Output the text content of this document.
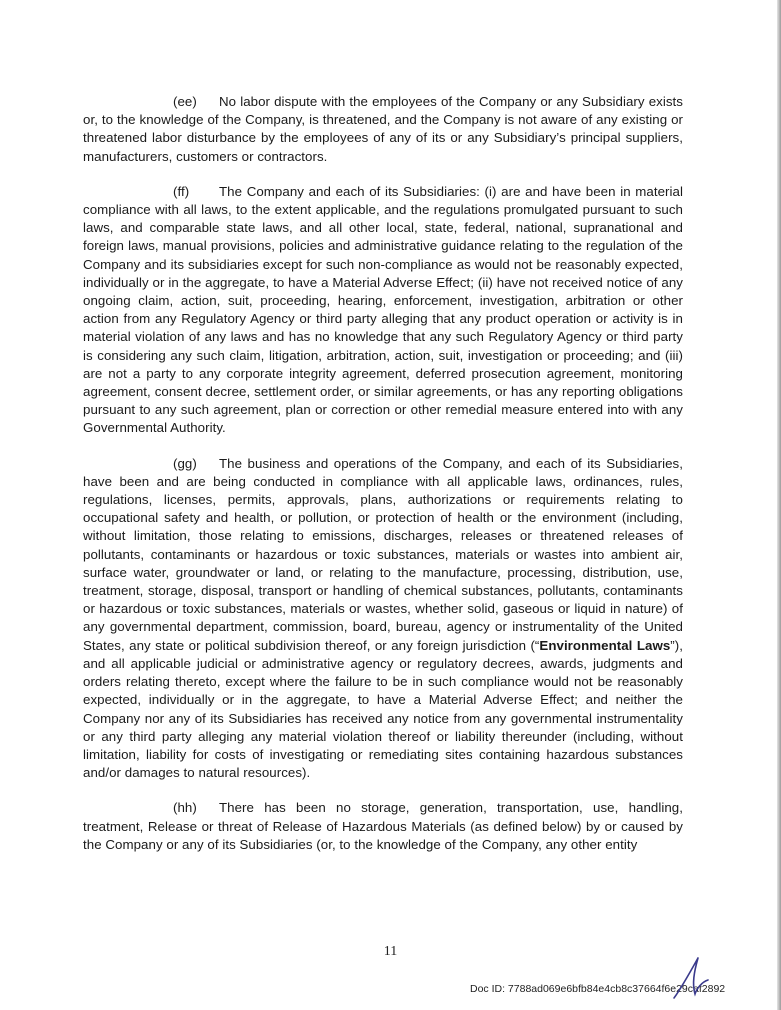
(ee) No labor dispute with the employees of the Company or any Subsidiary exists or, to the knowledge of the Company, is threatened, and the Company is not aware of any existing or threatened labor disturbance by the employees of any of its or any Subsidiary’s principal suppliers, manufacturers, customers or contractors.

(ff) The Company and each of its Subsidiaries: (i) are and have been in material compliance with all laws, to the extent applicable, and the regulations promulgated pursuant to such laws, and comparable state laws, and all other local, state, federal, national, supranational and foreign laws, manual provisions, policies and administrative guidance relating to the regulation of the Company and its subsidiaries except for such non-compliance as would not be reasonably expected, individually or in the aggregate, to have a Material Adverse Effect; (ii) have not received notice of any ongoing claim, action, suit, proceeding, hearing, enforcement, investigation, arbitration or other action from any Regulatory Agency or third party alleging that any product operation or activity is in material violation of any laws and has no knowledge that any such Regulatory Agency or third party is considering any such claim, litigation, arbitration, action, suit, investigation or proceeding; and (iii) are not a party to any corporate integrity agreement, deferred prosecution agreement, monitoring agreement, consent decree, settlement order, or similar agreements, or has any reporting obligations pursuant to any such agreement, plan or correction or other remedial measure entered into with any Governmental Authority.

(gg) The business and operations of the Company, and each of its Subsidiaries, have been and are being conducted in compliance with all applicable laws, ordinances, rules, regulations, licenses, permits, approvals, plans, authorizations or requirements relating to occupational safety and health, or pollution, or protection of health or the environment (including, without limitation, those relating to emissions, discharges, releases or threatened releases of pollutants, contaminants or hazardous or toxic substances, materials or wastes into ambient air, surface water, groundwater or land, or relating to the manufacture, processing, distribution, use, treatment, storage, disposal, transport or handling of chemical substances, pollutants, contaminants or hazardous or toxic substances, materials or wastes, whether solid, gaseous or liquid in nature) of any governmental department, commission, board, bureau, agency or instrumentality of the United States, any state or political subdivision thereof, or any foreign jurisdiction (“Environmental Laws”), and all applicable judicial or administrative agency or regulatory decrees, awards, judgments and orders relating thereto, except where the failure to be in such compliance would not be reasonably expected, individually or in the aggregate, to have a Material Adverse Effect; and neither the Company nor any of its Subsidiaries has received any notice from any governmental instrumentality or any third party alleging any material violation thereof or liability thereunder (including, without limitation, liability for costs of investigating or remediating sites containing hazardous substances and/or damages to natural resources).

(hh) There has been no storage, generation, transportation, use, handling, treatment, Release or threat of Release of Hazardous Materials (as defined below) by or caused by the Company or any of its Subsidiaries (or, to the knowledge of the Company, any other entity

11
Doc ID: 7788ad069e6bfb84e4cb8c37664f6e29caf2892
